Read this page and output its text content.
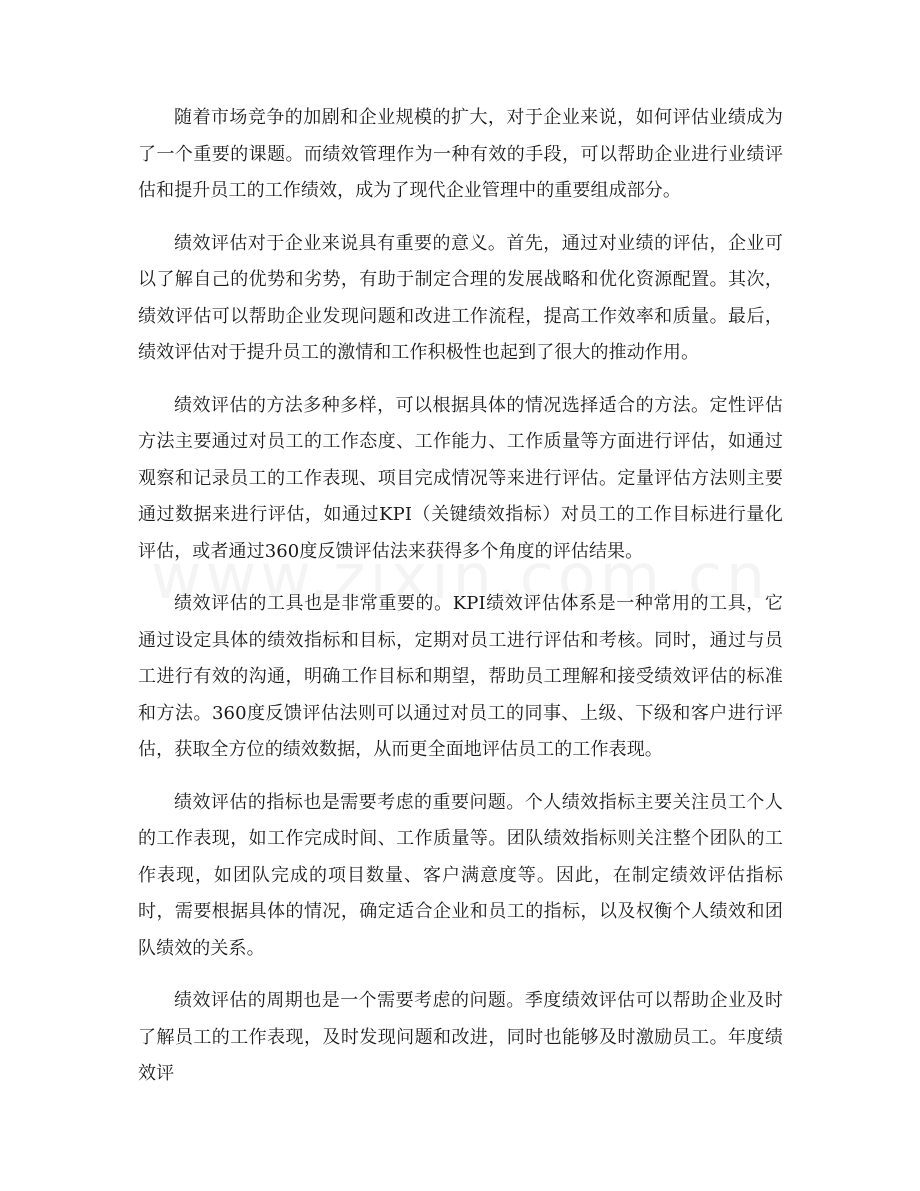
随着市场竞争的加剧和企业规模的扩大，对于企业来说，如何评估业绩成为了一个重要的课题。而绩效管理作为一种有效的手段，可以帮助企业进行业绩评估和提升员工的工作绩效，成为了现代企业管理中的重要组成部分。

绩效评估对于企业来说具有重要的意义。首先，通过对业绩的评估，企业可以了解自己的优势和劣势，有助于制定合理的发展战略和优化资源配置。其次，绩效评估可以帮助企业发现问题和改进工作流程，提高工作效率和质量。最后，绩效评估对于提升员工的激情和工作积极性也起到了很大的推动作用。

绩效评估的方法多种多样，可以根据具体的情况选择适合的方法。定性评估方法主要通过对员工的工作态度、工作能力、工作质量等方面进行评估，如通过观察和记录员工的工作表现、项目完成情况等来进行评估。定量评估方法则主要通过数据来进行评估，如通过KPI（关键绩效指标）对员工的工作目标进行量化评估，或者通过360度反馈评估法来获得多个角度的评估结果。

绩效评估的工具也是非常重要的。KPI绩效评估体系是一种常用的工具，它通过设定具体的绩效指标和目标，定期对员工进行评估和考核。同时，通过与员工进行有效的沟通，明确工作目标和期望，帮助员工理解和接受绩效评估的标准和方法。360度反馈评估法则可以通过对员工的同事、上级、下级和客户进行评估，获取全方位的绩效数据，从而更全面地评估员工的工作表现。

绩效评估的指标也是需要考虑的重要问题。个人绩效指标主要关注员工个人的工作表现，如工作完成时间、工作质量等。团队绩效指标则关注整个团队的工作表现，如团队完成的项目数量、客户满意度等。因此，在制定绩效评估指标时，需要根据具体的情况，确定适合企业和员工的指标，以及权衡个人绩效和团队绩效的关系。

绩效评估的周期也是一个需要考虑的问题。季度绩效评估可以帮助企业及时了解员工的工作表现，及时发现问题和改进，同时也能够及时激励员工。年度绩效评
